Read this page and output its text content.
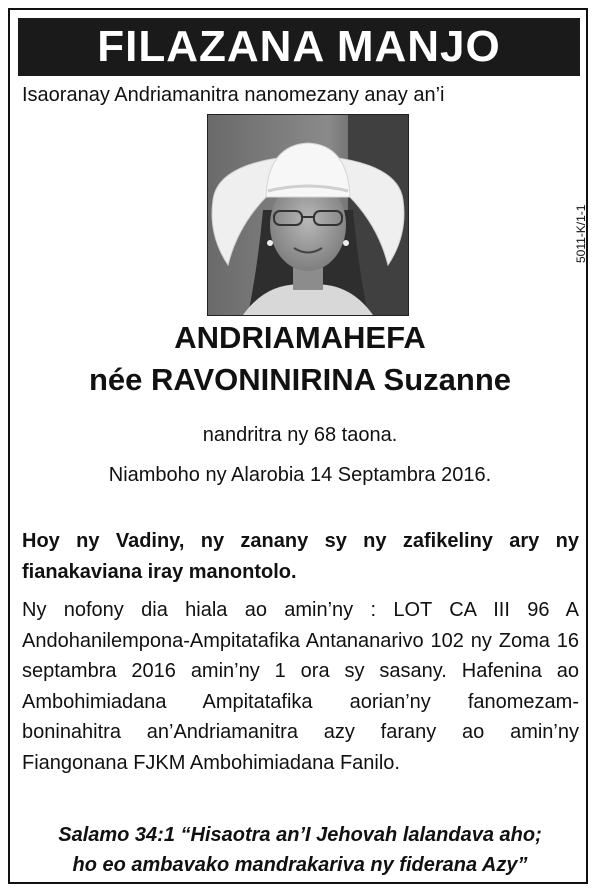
FILAZANA MANJO
Isaoranay Andriamanitra nanomezany anay an’i
5011-K/1-1
ANDRIAMAHEFA
née RAVONINIRINA Suzanne
nandritra ny 68 taona.
Niamboho ny Alarobia 14 Septambra 2016.
Hoy ny Vadiny, ny zanany sy ny zafikeliny ary ny fianakaviana iray manontolo.
Ny nofony dia hiala ao amin’ny : LOT CA III 96 A Andohanilempona-Ampitatafika Antananarivo 102 ny Zoma 16 septambra 2016 amin’ny 1 ora sy sasany. Hafenina ao Ambohimiadana Ampitatafika aorian’ny fanomezam- boninahitra an’Andriamanitra azy farany ao amin’ny Fiangonana FJKM Ambohimiadana Fanilo.
Salamo 34:1 “Hisaotra an’I Jehovah lalandava aho;
ho eo ambavako mandrakariva ny fiderana Azy”
